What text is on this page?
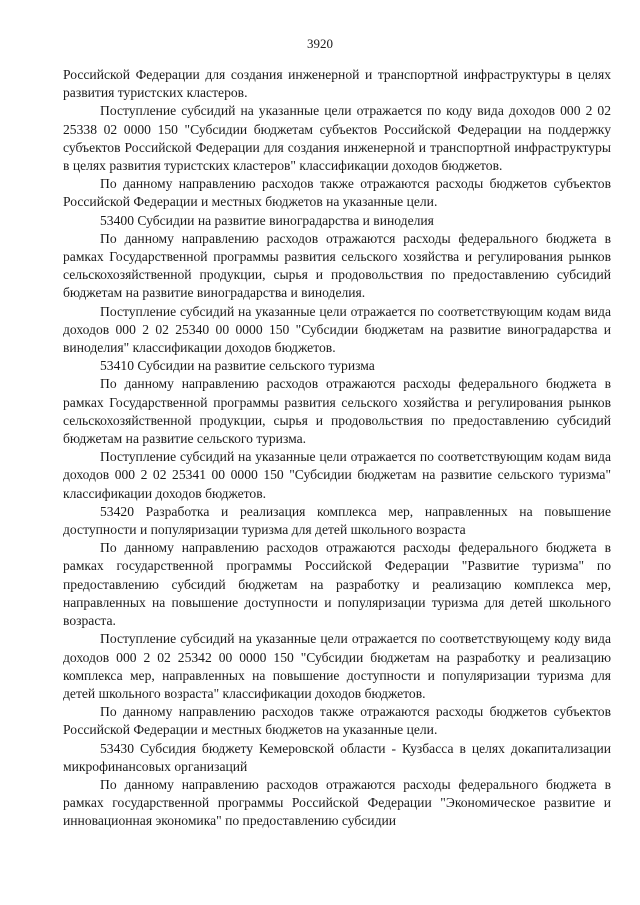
3920

Российской Федерации для создания инженерной и транспортной инфраструктуры в целях развития туристских кластеров.

Поступление субсидий на указанные цели отражается по коду вида доходов 000 2 02 25338 02 0000 150 "Субсидии бюджетам субъектов Российской Федерации на поддержку субъектов Российской Федерации для создания инженерной и транспортной инфраструктуры в целях развития туристских кластеров" классификации доходов бюджетов.

По данному направлению расходов также отражаются расходы бюджетов субъектов Российской Федерации и местных бюджетов на указанные цели.

53400 Субсидии на развитие виноградарства и виноделия

По данному направлению расходов отражаются расходы федерального бюджета в рамках Государственной программы развития сельского хозяйства и регулирования рынков сельскохозяйственной продукции, сырья и продовольствия по предоставлению субсидий бюджетам на развитие виноградарства и виноделия.

Поступление субсидий на указанные цели отражается по соответствующим кодам вида доходов 000 2 02 25340 00 0000 150 "Субсидии бюджетам на развитие виноградарства и виноделия" классификации доходов бюджетов.

53410 Субсидии на развитие сельского туризма

По данному направлению расходов отражаются расходы федерального бюджета в рамках Государственной программы развития сельского хозяйства и регулирования рынков сельскохозяйственной продукции, сырья и продовольствия по предоставлению субсидий бюджетам на развитие сельского туризма.

Поступление субсидий на указанные цели отражается по соответствующим кодам вида доходов 000 2 02 25341 00 0000 150 "Субсидии бюджетам на развитие сельского туризма" классификации доходов бюджетов.

53420 Разработка и реализация комплекса мер, направленных на повышение доступности и популяризации туризма для детей школьного возраста

По данному направлению расходов отражаются расходы федерального бюджета в рамках государственной программы Российской Федерации "Развитие туризма" по предоставлению субсидий бюджетам на разработку и реализацию комплекса мер, направленных на повышение доступности и популяризации туризма для детей школьного возраста.

Поступление субсидий на указанные цели отражается по соответствующему коду вида доходов 000 2 02 25342 00 0000 150 "Субсидии бюджетам на разработку и реализацию комплекса мер, направленных на повышение доступности и популяризации туризма для детей школьного возраста" классификации доходов бюджетов.

По данному направлению расходов также отражаются расходы бюджетов субъектов Российской Федерации и местных бюджетов на указанные цели.

53430 Субсидия бюджету Кемеровской области - Кузбасса в целях докапитализации микрофинансовых организаций

По данному направлению расходов отражаются расходы федерального бюджета в рамках государственной программы Российской Федерации "Экономическое развитие и инновационная экономика" по предоставлению субсидии
